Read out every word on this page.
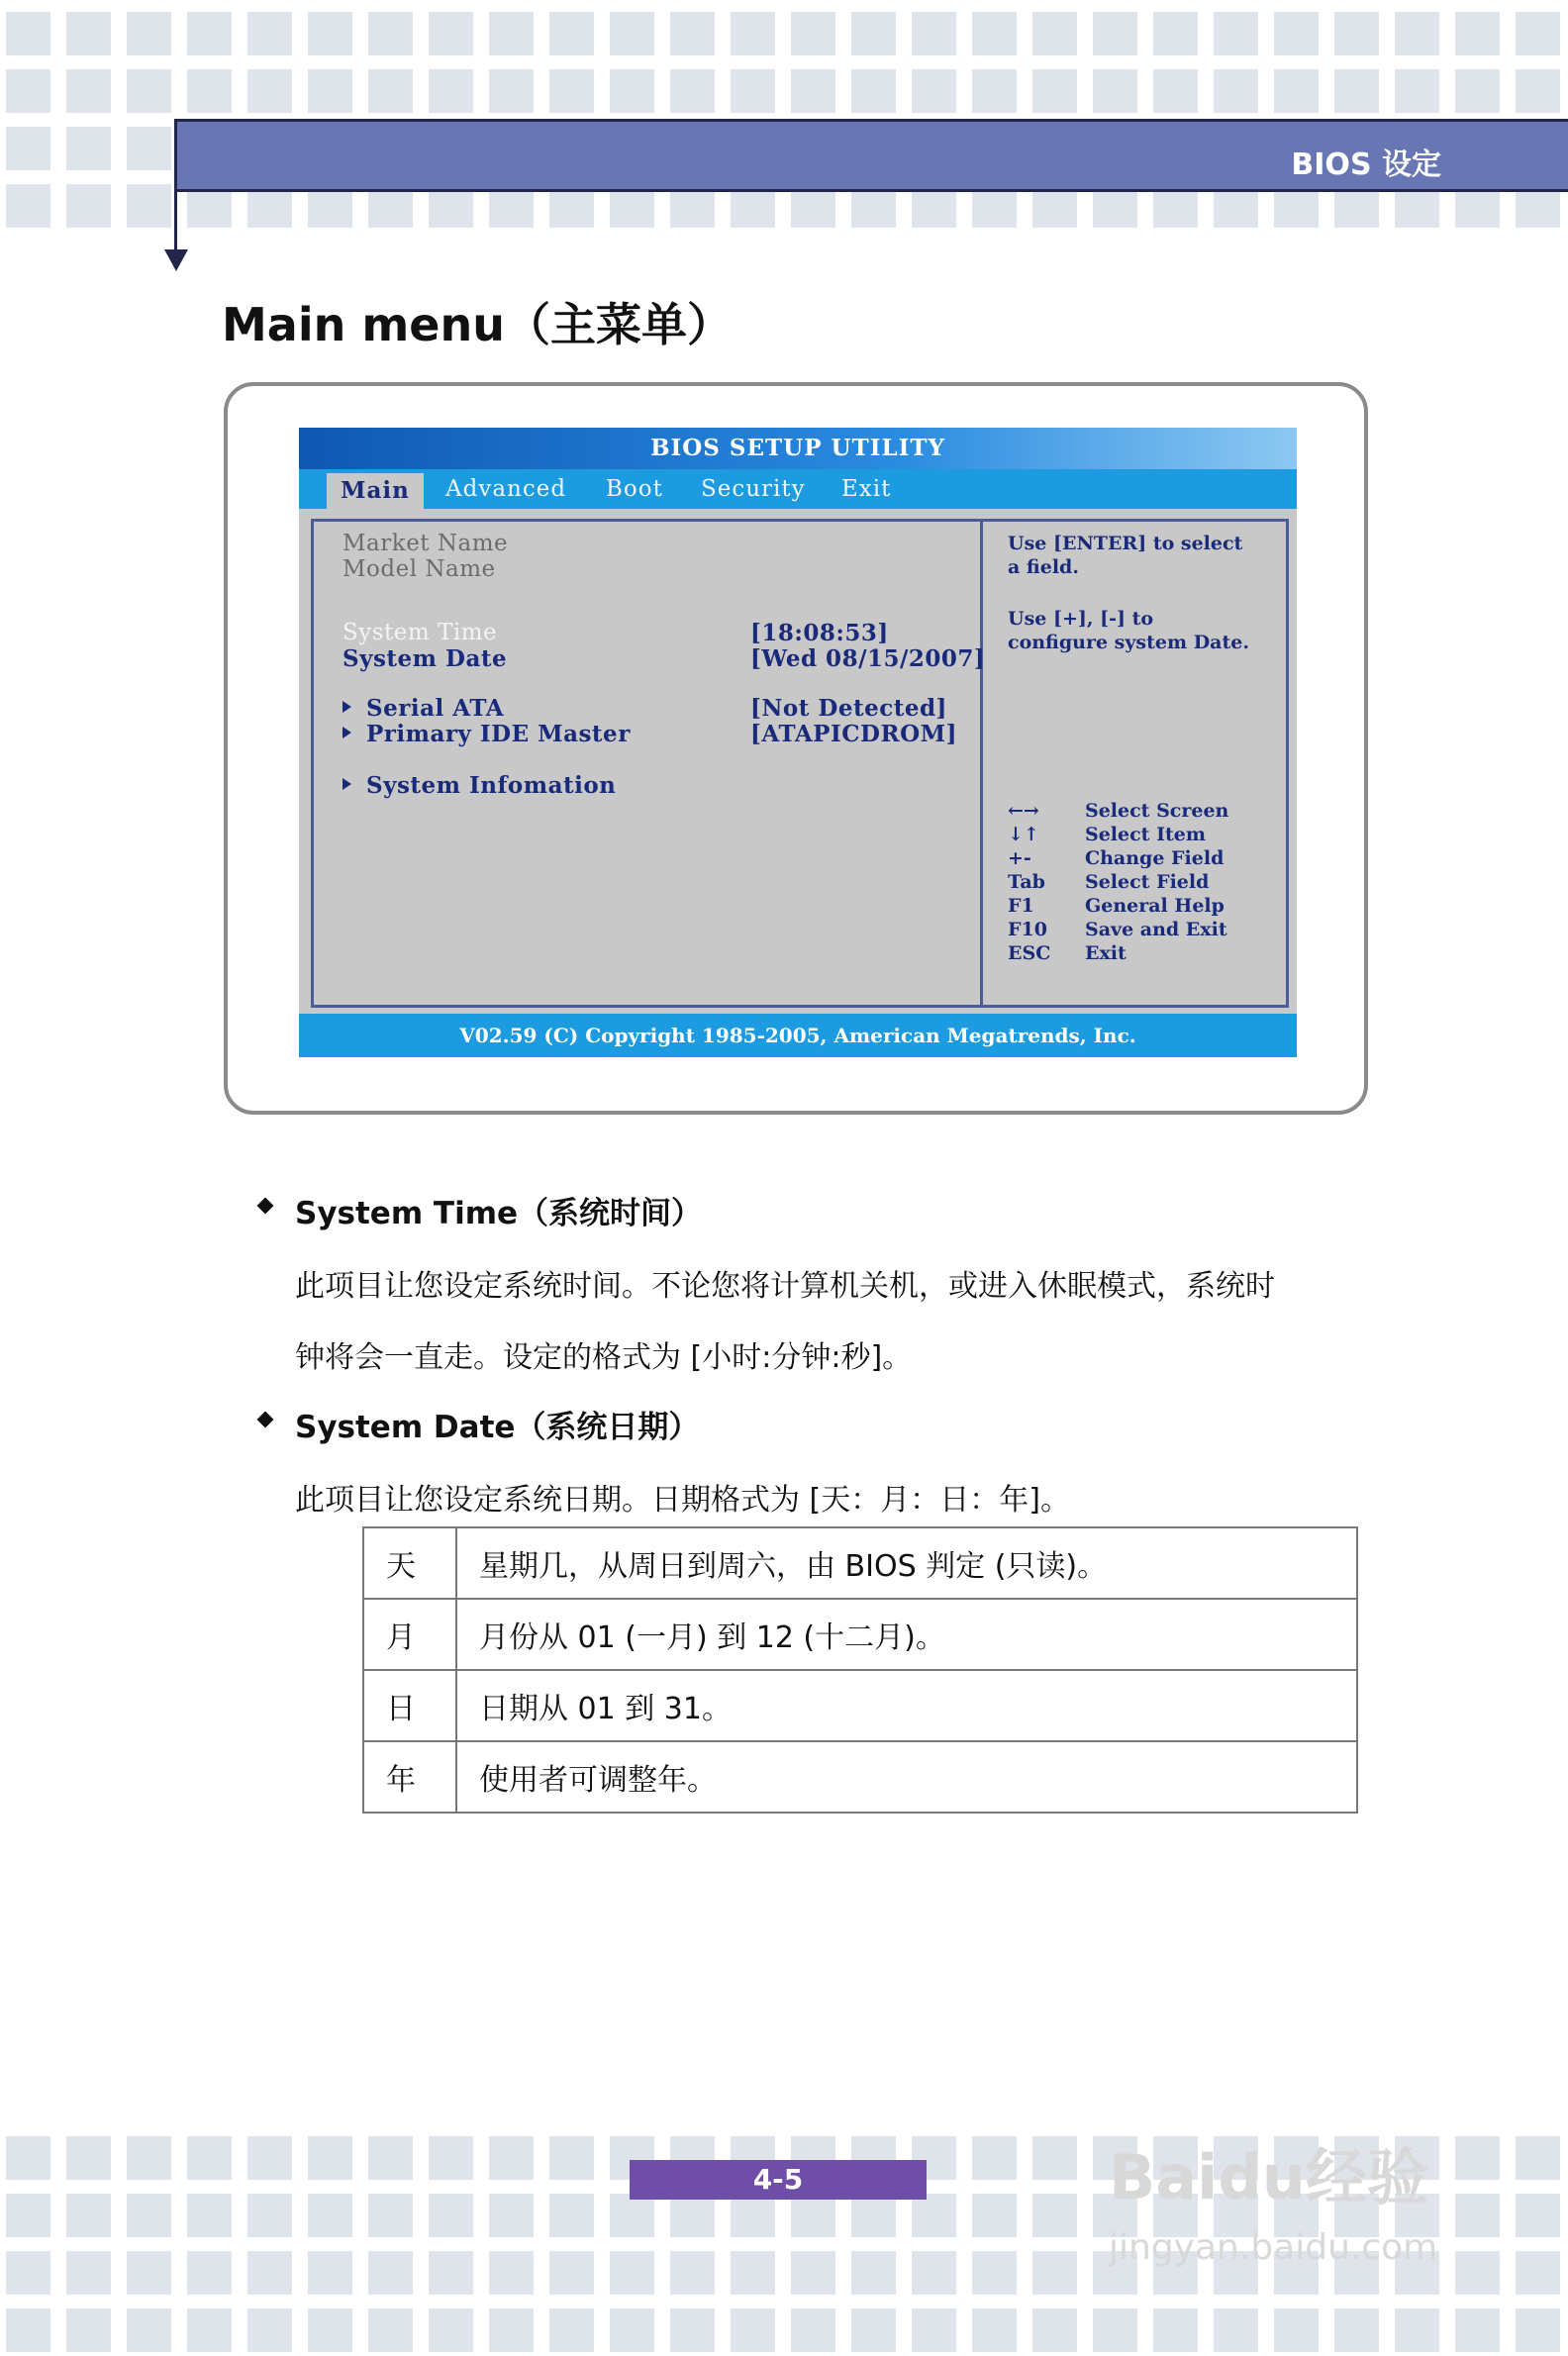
BIOS 设定
Main menu（主菜单）
BIOS SETUP UTILITY
Main	Advanced Boot Security Exit
Market Name
Model Name
System Time	[18:08:53]
System Date	[Wed 08/15/2007]
Serial ATA	[Not Detected]
Primary IDE Master	[ATAPICDROM]
System Infomation
Use [ENTER] to select
a field.
Use [+], [-] to
configure system Date.
←→ Select Screen
↓↑ Select Item
+-	Change Field
Tab Select Field
F1	General Help
F10 Save and Exit
ESC Exit
V02.59 (C) Copyright 1985-2005, American Megatrends, Inc.
System Time（系统时间）
此项目让您设定系统时间。不论您将计算机关机，或进入休眠模式，系统时
钟将会一直走。设定的格式为 [小时:分钟:秒]。
System Date（系统日期）
此项目让您设定系统日期。日期格式为 [天：月：日：年]。
天	星期几，从周日到周六，由 BIOS 判定 (只读)。
月	月份从 01 (一月) 到 12 (十二月)。
日	日期从 01 到 31。
年	使用者可调整年。
4-5	Baidu经验
jingyan.baidu.com
